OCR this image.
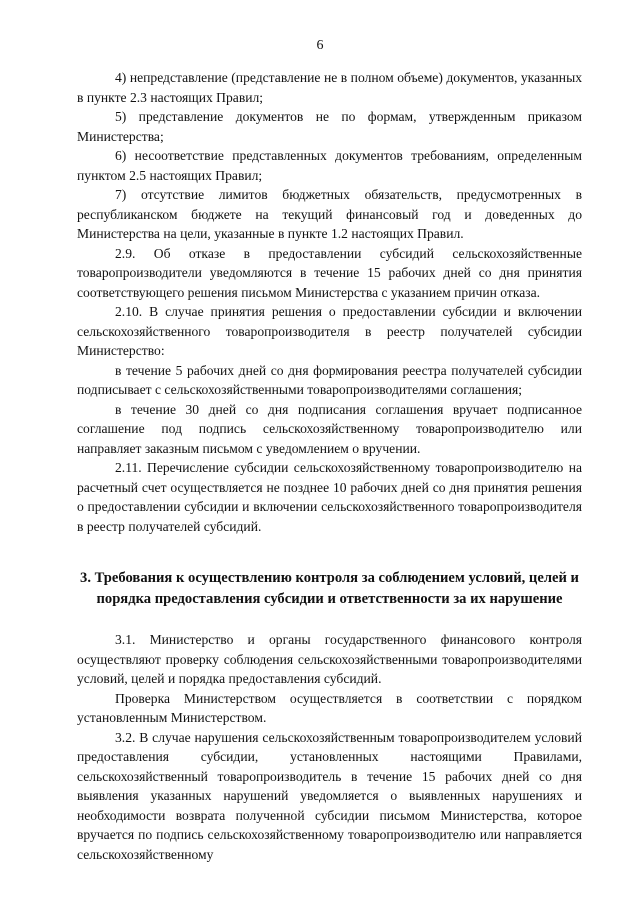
6

4) непредставление (представление не в полном объеме) документов, указанных в пункте 2.3 настоящих Правил;

5) представление документов не по формам, утвержденным приказом Министерства;

6) несоответствие представленных документов требованиям, определенным пунктом 2.5 настоящих Правил;

7) отсутствие лимитов бюджетных обязательств, предусмотренных в республиканском бюджете на текущий финансовый год и доведенных до Министерства на цели, указанные в пункте 1.2 настоящих Правил.

2.9. Об отказе в предоставлении субсидий сельскохозяйственные товаропроизводители уведомляются в течение 15 рабочих дней со дня принятия соответствующего решения письмом Министерства с указанием причин отказа.

2.10. В случае принятия решения о предоставлении субсидии и включении сельскохозяйственного товаропроизводителя в реестр получателей субсидии Министерство:

в течение 5 рабочих дней со дня формирования реестра получателей субсидии подписывает с сельскохозяйственными товаропроизводителями соглашения;

в течение 30 дней со дня подписания соглашения вручает подписанное соглашение под подпись сельскохозяйственному товаропроизводителю или направляет заказным письмом с уведомлением о вручении.

2.11. Перечисление субсидии сельскохозяйственному товаропроизводителю на расчетный счет осуществляется не позднее 10 рабочих дней со дня принятия решения о предоставлении субсидии и включении сельскохозяйственного товаропроизводителя в реестр получателей субсидий.

3. Требования к осуществлению контроля за соблюдением условий, целей и порядка предоставления субсидии и ответственности за их нарушение

3.1. Министерство и органы государственного финансового контроля осуществляют проверку соблюдения сельскохозяйственными товаропроизводителями условий, целей и порядка предоставления субсидий.

Проверка Министерством осуществляется в соответствии с порядком установленным Министерством.

3.2. В случае нарушения сельскохозяйственным товаропроизводителем условий предоставления субсидии, установленных настоящими Правилами, сельскохозяйственный товаропроизводитель в течение 15 рабочих дней со дня выявления указанных нарушений уведомляется о выявленных нарушениях и необходимости возврата полученной субсидии письмом Министерства, которое вручается по подпись сельскохозяйственному товаропроизводителю или направляется сельскохозяйственному
